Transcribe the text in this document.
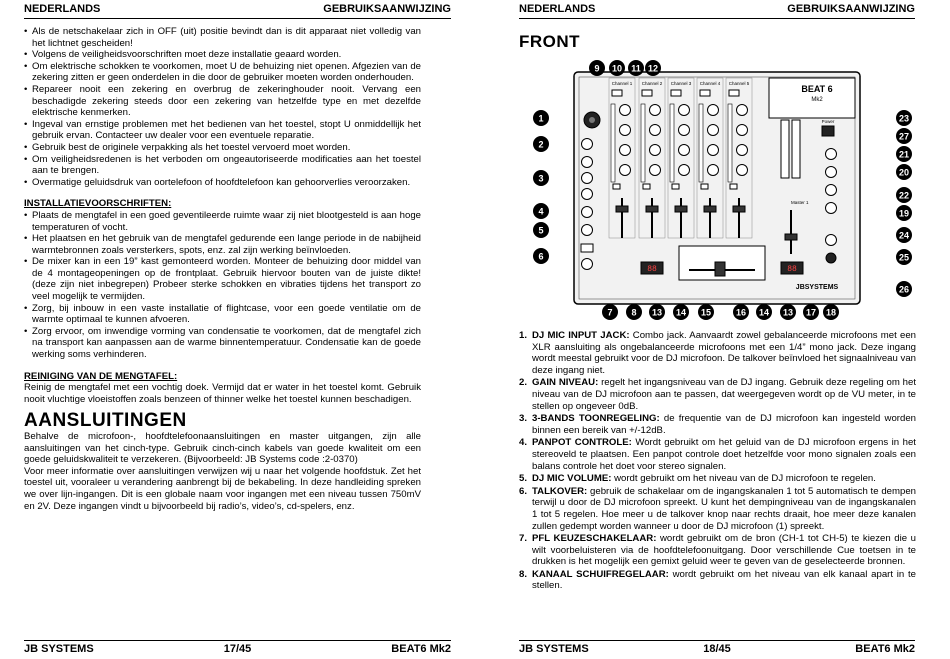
NEDERLANDS	GEBRUIKSAANWIJZING
• Als de netschakelaar zich in OFF (uit) positie bevindt dan is dit apparaat niet volledig van het lichtnet gescheiden!
• Volgens de veiligheidsvoorschriften moet deze installatie geaard worden.
• Om elektrische schokken te voorkomen, moet U de behuizing niet openen. Afgezien van de zekering zitten er geen onderdelen in die door de gebruiker moeten worden onderhouden.
• Repareer nooit een zekering en overbrug de zekeringhouder nooit. Vervang een beschadigde zekering steeds door een zekering van hetzelfde type en met dezelfde elektrische kenmerken.
• Ingeval van ernstige problemen met het bedienen van het toestel, stopt U onmiddellijk het gebruik ervan. Contacteer uw dealer voor een eventuele reparatie.
• Gebruik best de originele verpakking als het toestel vervoerd moet worden.
• Om veiligheidsredenen is het verboden om ongeautoriseerde modificaties aan het toestel aan te brengen.
• Overmatige geluidsdruk van oortelefoon of hoofdtelefoon kan gehoorverlies veroorzaken.
INSTALLATIEVOORSCHRIFTEN:
• Plaats de mengtafel in een goed geventileerde ruimte waar zij niet blootgesteld is aan hoge temperaturen of vocht.
• Het plaatsen en het gebruik van de mengtafel gedurende een lange periode in de nabijheid warmtebronnen zoals versterkers, spots, enz. zal zijn werking beïnvloeden.
• De mixer kan in een 19” kast gemonteerd worden. Monteer de behuizing door middel van de 4 montageopeningen op de frontplaat. Gebruik hiervoor bouten van de juiste dikte! (deze zijn niet inbegrepen) Probeer sterke schokken en vibraties tijdens het transport zo veel mogelijk te vermijden.
• Zorg, bij inbouw in een vaste installatie of flightcase, voor een goede ventilatie om de warmte optimaal te kunnen afvoeren.
• Zorg ervoor, om inwendige vorming van condensatie te voorkomen, dat de mengtafel zich na transport kan aanpassen aan de warme binnentemperatuur. Condensatie kan de goede werking soms verhinderen.
REINIGING VAN DE MENGTAFEL:

Reinig de mengtafel met een vochtig doek. Vermijd dat er water in het toestel komt. Gebruik nooit vluchtige vloeistoffen zoals benzeen of thinner welke het toestel kunnen beschadigen.

AANSLUITINGEN

Behalve de microfoon-, hoofdtelefoonaansluitingen en master uitgangen, zijn alle aansluitingen van het cinch-type. Gebruik cinch-cinch kabels van goede kwaliteit om een goede geluidskwaliteit te verzekeren. (Bijvoorbeeld: JB Systems code :2-0370)

Voor meer informatie over aansluitingen verwijzen wij u naar het volgende hoofdstuk. Zet het toestel uit, vooraleer u verandering aanbrengt bij de bekabeling. In deze handleiding spreken we over lijn-ingangen. Dit is een globale naam voor ingangen met een niveau tussen 750mV en 2V. Deze ingangen vindt u bijvoorbeeld bij radio’s, video’s, cd-spelers, enz.

JB SYSTEMS	17/45	BEAT6 Mk2
NEDERLANDS	GEBRUIKSAANWIJZING
JB SYSTEMS	18/45	BEAT6 Mk2
FRONT
Channel 1 Channel 2 Channel 3 Channel 4 Channel 5
88	88
BEAT 6
Mk2
Power
Master 1
JBSYSTEMS
1
2
3
4
5
6
9 10 11 12
7 8 13 14 15	16 14 13 17 18
23
27
21
20
22
19
24
25
26
1. DJ MIC INPUT JACK: Combo jack. Aanvaardt zowel gebalanceerde microfoons met een XLR aansluiting als ongebalanceerde microfoons met een 1/4” mono jack. Deze ingang wordt meestal gebruikt voor de DJ microfoon. De talkover beïnvloed het signaalniveau van deze ingang niet.
2. GAIN NIVEAU: regelt het ingangsniveau van de DJ ingang. Gebruik deze regeling om het niveau van de DJ microfoon aan te passen, dat weergegeven wordt op de VU meter, in te stellen op ongeveer 0dB.
3. 3-BANDS TOONREGELING: de frequentie van de DJ microfoon kan ingesteld worden binnen een bereik van +/-12dB.
4. PANPOT CONTROLE: Wordt gebruikt om het geluid van de DJ microfoon ergens in het stereoveld te plaatsen. Een panpot controle doet hetzelfde voor mono signalen zoals een balans controle het doet voor stereo signalen.
5. DJ MIC VOLUME: wordt gebruikt om het niveau van de DJ microfoon te regelen.
6. TALKOVER: gebruik de schakelaar om de ingangskanalen 1 tot 5 automatisch te dempen terwijl u door de DJ microfoon spreekt. U kunt het dempingniveau van de ingangskanalen 1 tot 5 regelen. Hoe meer u de talkover knop naar rechts draait, hoe meer deze kanalen zullen gedempt worden wanneer u door de DJ microfoon (1) spreekt.
7. PFL KEUZESCHAKELAAR: wordt gebruikt om de bron (CH-1 tot CH-5) te kiezen die u wilt voorbeluisteren via de hoofdtelefoonuitgang. Door verschillende Cue toetsen in te drukken is het mogelijk een gemixt geluid weer te geven van de geselecteerde bronnen.
8. KANAAL SCHUIFREGELAAR: wordt gebruikt om het niveau van elk kanaal apart in te stellen.
